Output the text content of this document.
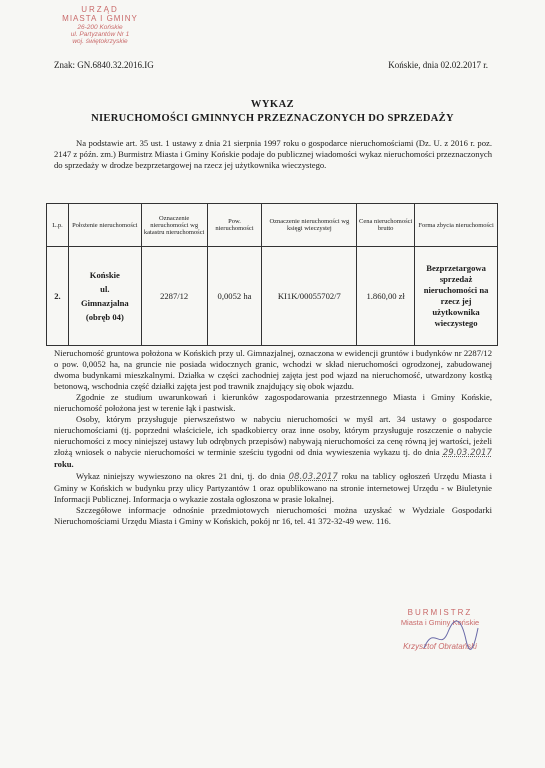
URZĄD
MIASTA I GMINY
26-200 Końskie
ul. Partyzantów Nr 1
woj. świętokrzyskie
Znak: GN.6840.32.2016.IG	Końskie, dnia 02.02.2017 r.
WYKAZ
NIERUCHOMOŚCI GMINNYCH PRZEZNACZONYCH DO SPRZEDAŻY

Na podstawie art. 35 ust. 1 ustawy z dnia 21 sierpnia 1997 roku o gospodarce nieruchomościami (Dz. U. z 2016 r. poz. 2147 z późn. zm.) Burmistrz Miasta i Gminy Końskie podaje do publicznej wiadomości wykaz nieruchomości przeznaczonych do sprzedaży w drodze bezprzetargowej na rzecz jej użytkownika wieczystego.

L.p.	Położenie nieruchomości	Oznaczenie nieruchomości wg katastru nieruchomości	Pow. nieruchomości	Oznaczenie nieruchomości wg księgi wieczystej	Cena nieruchomości brutto	Forma zbycia nieruchomości
2.	Końskie
ul.
Gimnazjalna
(obręb 04)	2287/12	0,0052 ha	KI1K/00055702/7	1.860,00 zł	Bezprzetargowa sprzedaż nieruchomości na rzecz jej użytkownika wieczystego

Nieruchomość gruntowa położona w Końskich przy ul. Gimnazjalnej, oznaczona w ewidencji gruntów i budynków nr 2287/12 o pow. 0,0052 ha, na gruncie nie posiada widocznych granic, wchodzi w skład nieruchomości ogrodzonej, zabudowanej dwoma budynkami mieszkalnymi. Działka w części zachodniej zajęta jest pod wjazd na nieruchomość, utwardzony kostką betonową, wschodnia część działki zajęta jest pod trawnik znajdujący się obok wjazdu.

Zgodnie ze studium uwarunkowań i kierunków zagospodarowania przestrzennego Miasta i Gminy Końskie, nieruchomość położona jest w terenie łąk i pastwisk.

Osoby, którym przysługuje pierwszeństwo w nabyciu nieruchomości w myśl art. 34 ustawy o gospodarce nieruchomościami (tj. poprzedni właściciele, ich spadkobiercy oraz inne osoby, którym przysługuje roszczenie o nabycie nieruchomości z mocy niniejszej ustawy lub odrębnych przepisów) nabywają nieruchomości za cenę równą jej wartości, jeżeli złożą wniosek o nabycie nieruchomości w terminie sześciu tygodni od dnia wywieszenia wykazu tj. do dnia 29.03.2017 roku.

Wykaz niniejszy wywieszono na okres 21 dni, tj. do dnia 08.03.2017 roku na tablicy ogłoszeń Urzędu Miasta i Gminy w Końskich w budynku przy ulicy Partyzantów 1 oraz opublikowano na stronie internetowej Urzędu - w Biuletynie Informacji Publicznej. Informacja o wykazie została ogłoszona w prasie lokalnej.

Szczegółowe informacje odnośnie przedmiotowych nieruchomości można uzyskać w Wydziale Gospodarki Nieruchomościami Urzędu Miasta i Gminy w Końskich, pokój nr 16, tel. 41 372-32-49 wew. 116.

BURMISTRZ
Miasta i Gminy Końskie
Krzysztof Obratański
